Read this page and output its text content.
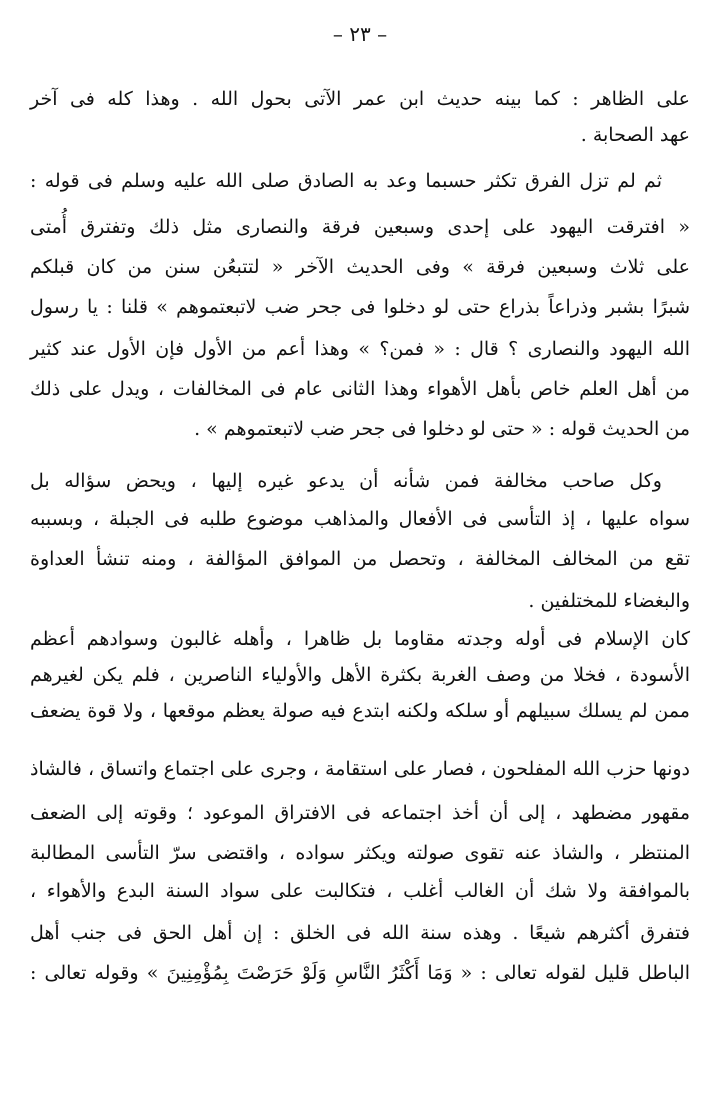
– ٢٣ –
على الظاهر : كما بينه حديث ابن عمر الآتى بحول الله . وهذا كله فى آخر
عهد الصحابة .
ثم لم تزل الفرق تكثر حسبما وعد به الصادق صلى الله عليه وسلم فى قوله :
« افترقت اليهود على إحدى وسبعين فرقة والنصارى مثل ذلك وتفترق أُمتى
على ثلاث وسبعين فرقة » وفى الحديث الآخر « لتتبعُن سنن من كان قبلكم
شبرًا بشبر وذراعاً بذراع حتى لو دخلوا فى جحر ضب لاتبعتموهم » قلنا : يا رسول
الله اليهود والنصارى ؟ قال : « فمن؟ » وهذا أعم من الأول فإن الأول عند كثير
من أهل العلم خاص بأهل الأهواء وهذا الثانى عام فى المخالفات ، ويدل على ذلك
من الحديث قوله : « حتى لو دخلوا فى جحر ضب لاتبعتموهم » .
وكل صاحب مخالفة فمن شأنه أن يدعو غيره إليها ، ويحض سؤاله بل
سواه عليها ، إذ التأسى فى الأفعال والمذاهب موضوع طلبه فى الجبلة ، وبسببه
تقع من المخالف المخالفة ، وتحصل من الموافق المؤالفة ، ومنه تنشأ العداوة
والبغضاء للمختلفين .
كان الإسلام فى أوله وجدته مقاوما بل ظاهرا ، وأهله غالبون وسوادهم أعظم
الأسودة ، فخلا من وصف الغربة بكثرة الأهل والأولياء الناصرين ، فلم يكن لغيرهم
ممن لم يسلك سبيلهم أو سلكه ولكنه ابتدع فيه صولة يعظم موقعها ، ولا قوة يضعف
دونها حزب الله المفلحون ، فصار على استقامة ، وجرى على اجتماع واتساق ، فالشاذ
مقهور مضطهد ، إلى أن أخذ اجتماعه فى الافتراق الموعود ؛ وقوته إلى الضعف
المنتظر ، والشاذ عنه تقوى صولته ويكثر سواده ، واقتضى سرّ التأسى المطالبة
بالموافقة ولا شك أن الغالب أغلب ، فتكالبت على سواد السنة البدع والأهواء ،
فتفرق أكثرهم شيعًا . وهذه سنة الله فى الخلق : إن أهل الحق فى جنب أهل
الباطل قليل لقوله تعالى : « وَمَا أَكْثَرُ النَّاسِ وَلَوْ حَرَصْتَ بِمُؤْمِنِينَ » وقوله تعالى :
